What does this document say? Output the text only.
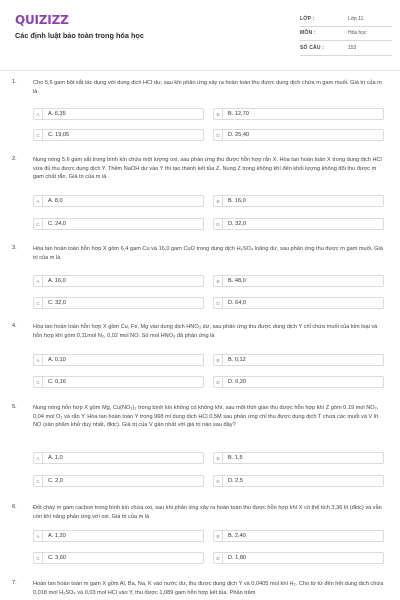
QUIZIZZ
Các định luật bảo toàn trong hóa học
LỚP :	Lớp 11
MÔN :	Hóa học
SỐ CÂU :	153
1.	Cho 5,6 gam bột sắt tác dụng với dung dịch HCl dư, sau khi phản ứng xảy ra hoàn toàn thu được dung dịch chứa m gam muối. Giá trị của m là
A	A. 6,35	B	B. 12,70
C	C. 19,05	D	D. 25,40
2.	Nung nóng 5,6 gam sắt trong bình kín chứa một lượng oxi, sau phản ứng thu được hỗn hợp rắn X. Hòa tan hoàn toàn X trong dung dịch HCl vừa đủ thu được dung dịch Y. Thêm NaOH dư vào Y thì tạo thành kết tủa Z. Nung Z trong không khí đến khối lượng không đổi thu được m gam chất rắn. Giá trị của m là
A	A. 8,0	B	B. 16,0
C	C. 24,0	D	D. 32,0
3.	Hòa tan hoàn toàn hỗn hợp X gồm 6,4 gam Cu và 16,0 gam CuO trong dung dịch H₂SO₄ loãng dư, sau phản ứng thu được m gam muối. Giá trị của m là
A	A. 16,0	B	B. 48,0
C	C. 32,0	D	D. 64,0
4.	Hòa tan hoàn toàn hỗn hợp X gồm Cu, Fe, Mg vào dung dịch HNO₃ dư, sau phản ứng thu được dung dịch Y chỉ chứa muối của kim loại và hỗn hợp khí gồm 0,11mol N₂, 0,02 mol NO. Số mol HNO₃ đã phản ứng là
A	A. 0,10	B	B. 0,12
C	C. 0,16	D	D. 0,20
5.	Nung nóng hỗn hợp X gồm Mg, Cu(NO₃)₂ trong bình kín không có không khí, sau một thời gian thu được hỗn hợp khí Z gồm 0,19 mol NO₂, 0,04 mol O₂ và rắn Y. Hòa tan hoàn toàn Y trong 968 ml dung dịch HCl 0,5M sau phản ứng chỉ thu được dung dịch T chứa các muối và V lít NO (sản phẩm khử duy nhất, đktc). Giá trị của V gần nhất với giá trị nào sau đây?
A	A. 1,0	B	B. 1,5
C	C. 2,0	D	D. 2,5
6.	Đốt cháy m gam cacbon trong bình kín chứa oxi, sau khi phản ứng xảy ra hoàn toàn thu được hỗn hợp khí X có thể tích 3,36 lít (đktc) và vẫn còn khí năng phản ứng với oxi. Giá trị của m là
A	A. 1,20	B	B. 2,40
C	C. 3,60	D	D. 1,80
7.	Hoàn tan hoàn toàn m gam X gồm Al, Ba, Na, K vào nước dư, thu được dung dịch Y và 0,0405 mol khí H₂. Cho từ từ đến hết dung dịch chứa 0,018 mol H₂SO₄ và 0,03 mol HCl vào Y, thu được 1,089 gam hỗn hợp kết tủa. Phần trăm
